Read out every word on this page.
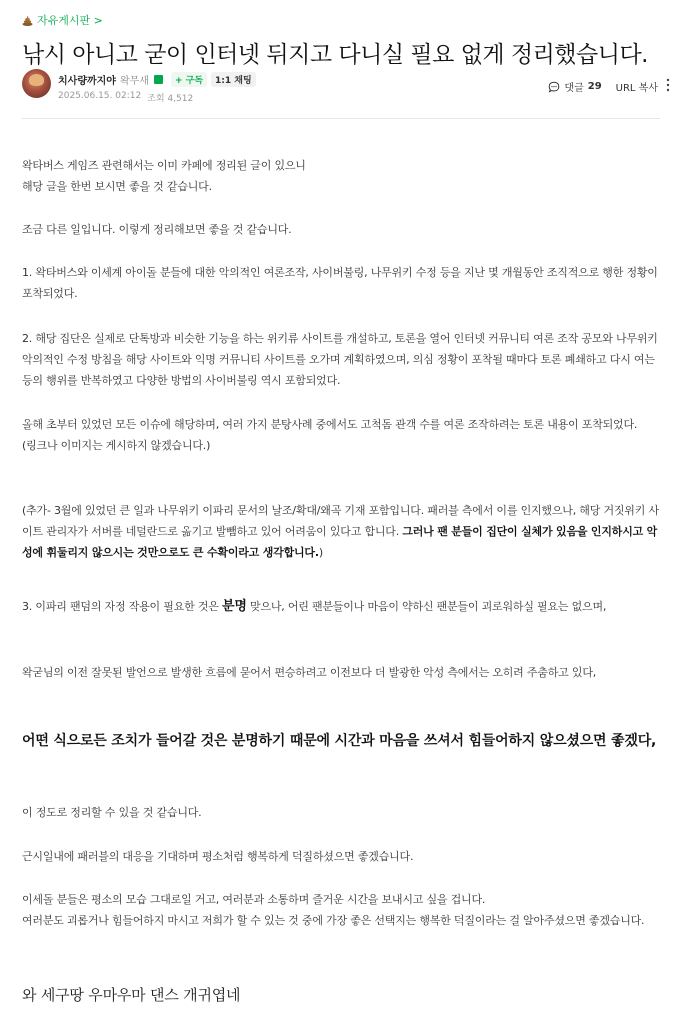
자유게시판 >
낚시 아니고 굳이 인터넷 뒤지고 다니실 필요 없게 정리했습니다.
치사량까지야 왁무새	+ 구독	1:1 채팅
2025.06.15. 02:12 조회 4,512
댓글 29 URL 복사
왁타버스 게임즈 관련해서는 이미 카페에 정리된 글이 있으니
해당 글을 한번 보시면 좋을 것 같습니다.
조금 다른 일입니다. 이렇게 정리해보면 좋을 것 같습니다.
1. 왁타버스와 이세계 아이돌 분들에 대한 악의적인 여론조작, 사이버불링, 나무위키 수정 등을 지난 몇 개월동안 조직적으로 행한 정황이 포착되었다.
2. 해당 집단은 실제로 단톡방과 비슷한 기능을 하는 위키류 사이트를 개설하고, 토론을 열어 인터넷 커뮤니티 여론 조작 공모와 나무위키 악의적인 수정 방침을 해당 사이트와 익명 커뮤니티 사이트를 오가며 계획하였으며, 의심 정황이 포착될 때마다 토론 폐쇄하고 다시 여는 등의 행위를 반복하였고 다양한 방법의 사이버불링 역시 포함되었다.
올해 초부터 있었던 모든 이슈에 해당하며, 여러 가지 분탕사례 중에서도 고척돔 관객 수를 여론 조작하려는 토론 내용이 포착되었다.
(링크나 이미지는 게시하지 않겠습니다.)
(추가- 3월에 있었던 큰 일과 나무위키 이파리 문서의 날조/확대/왜곡 기재 포함입니다. 패러블 측에서 이를 인지했으나, 해당 거짓위키 사이트 관리자가 서버를 네덜란드로 옮기고 발뺌하고 있어 어려움이 있다고 합니다. 그러나 팬 분들이 집단이 실체가 있음을 인지하시고 악성에 휘둘리지 않으시는 것만으로도 큰 수확이라고 생각합니다.)
3. 이파리 팬덤의 자정 작용이 필요한 것은 분명 맞으나, 어린 팬분들이나 마음이 약하신 팬분들이 괴로워하실 필요는 없으며,
왁굳님의 이전 잘못된 발언으로 발생한 흐름에 묻어서 편승하려고 이전보다 더 발광한 악성 측에서는 오히려 주춤하고 있다,
어떤 식으로든 조치가 들어갈 것은 분명하기 때문에 시간과 마음을 쓰셔서 힘들어하지 않으셨으면 좋겠다,
이 정도로 정리할 수 있을 것 같습니다.
근시일내에 패러블의 대응을 기대하며 평소처럼 행복하게 덕질하셨으면 좋겠습니다.
이세돌 분들은 평소의 모습 그대로일 거고, 여러분과 소통하며 즐거운 시간을 보내시고 싶을 겁니다.
여러분도 괴롭거나 힘들어하지 마시고 저희가 할 수 있는 것 중에 가장 좋은 선택지는 행복한 덕질이라는 걸 알아주셨으면 좋겠습니다.
와 세구땅 우마우마 댄스 개귀엽네
